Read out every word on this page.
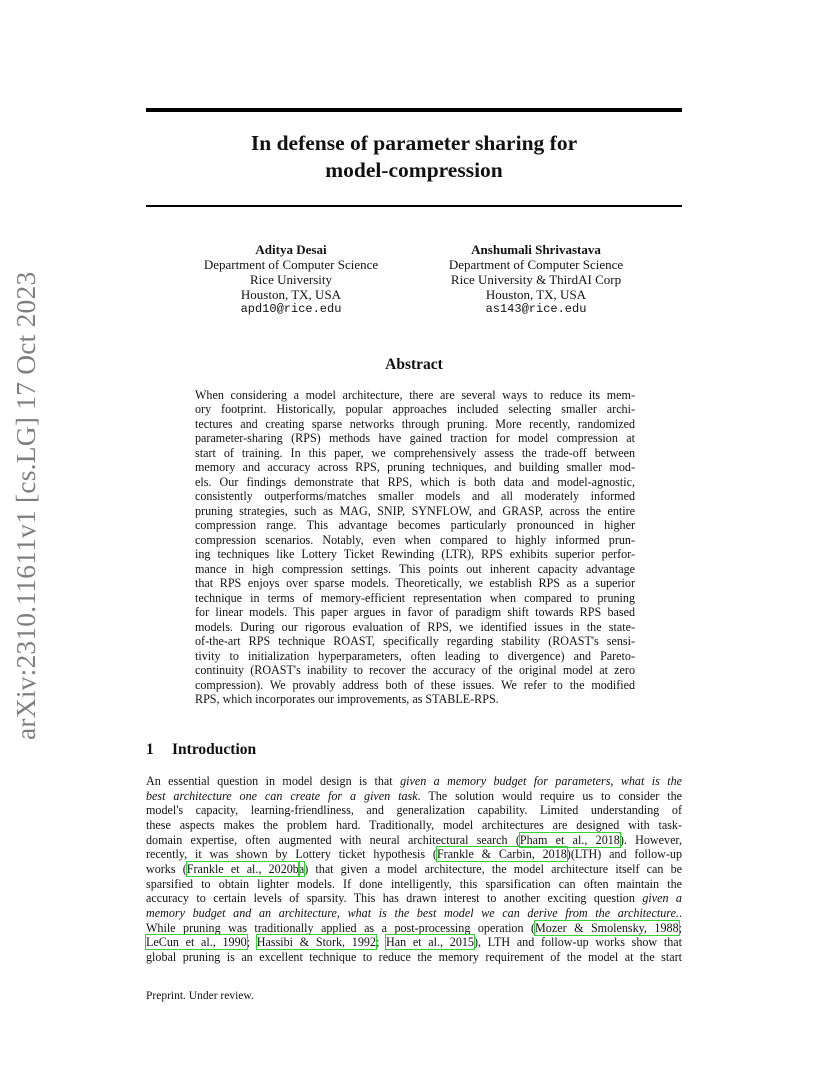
arXiv:2310.11611v1 [cs.LG] 17 Oct 2023
In defense of parameter sharing for
model-compression
Aditya Desai
Department of Computer Science
Rice University
Houston, TX, USA
apd10@rice.edu
Anshumali Shrivastava
Department of Computer Science
Rice University & ThirdAI Corp
Houston, TX, USA
as143@rice.edu
Abstract
When considering a model architecture, there are several ways to reduce its mem-
ory footprint. Historically, popular approaches included selecting smaller archi-
tectures and creating sparse networks through pruning. More recently, randomized
parameter-sharing (RPS) methods have gained traction for model compression at
start of training. In this paper, we comprehensively assess the trade-off between
memory and accuracy across RPS, pruning techniques, and building smaller mod-
els. Our findings demonstrate that RPS, which is both data and model-agnostic,
consistently outperforms/matches smaller models and all moderately informed
pruning strategies, such as MAG, SNIP, SYNFLOW, and GRASP, across the entire
compression range. This advantage becomes particularly pronounced in higher
compression scenarios. Notably, even when compared to highly informed prun-
ing techniques like Lottery Ticket Rewinding (LTR), RPS exhibits superior perfor-
mance in high compression settings. This points out inherent capacity advantage
that RPS enjoys over sparse models. Theoretically, we establish RPS as a superior
technique in terms of memory-efficient representation when compared to pruning
for linear models. This paper argues in favor of paradigm shift towards RPS based
models. During our rigorous evaluation of RPS, we identified issues in the state-
of-the-art RPS technique ROAST, specifically regarding stability (ROAST's sensi-
tivity to initialization hyperparameters, often leading to divergence) and Pareto-
continuity (ROAST's inability to recover the accuracy of the original model at zero
compression). We provably address both of these issues. We refer to the modified
RPS, which incorporates our improvements, as STABLE-RPS.
1 Introduction
An essential question in model design is that given a memory budget for parameters, what is the
best architecture one can create for a given task. The solution would require us to consider the
model's capacity, learning-friendliness, and generalization capability. Limited understanding of
these aspects makes the problem hard. Traditionally, model architectures are designed with task-
domain expertise, often augmented with neural architectural search (Pham et al., 2018). However,
recently, it was shown by Lottery ticket hypothesis (Frankle & Carbin, 2018)(LTH) and follow-up
works (Frankle et al., 2020ba) that given a model architecture, the model architecture itself can be
sparsified to obtain lighter models. If done intelligently, this sparsification can often maintain the
accuracy to certain levels of sparsity. This has drawn interest to another exciting question given a
memory budget and an architecture, what is the best model we can derive from the architecture..
While pruning was traditionally applied as a post-processing operation (Mozer & Smolensky, 1988;
LeCun et al., 1990; Hassibi & Stork, 1992; Han et al., 2015), LTH and follow-up works show that
global pruning is an excellent technique to reduce the memory requirement of the model at the start
Preprint. Under review.
